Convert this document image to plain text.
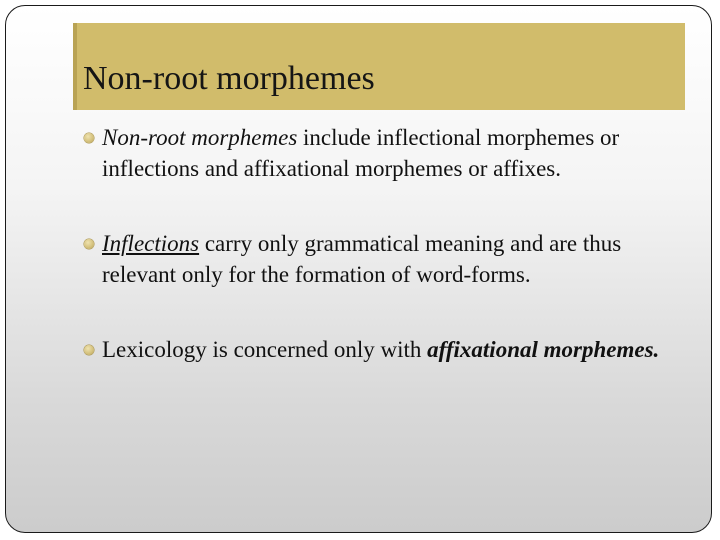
Non-root morphemes
Non-root morphemes include inflectional morphemes or inflections and affixational morphemes or affixes.
Inflections carry only grammatical meaning and are thus relevant only for the formation of word-forms.
Lexicology is concerned only with affixational morphemes.
